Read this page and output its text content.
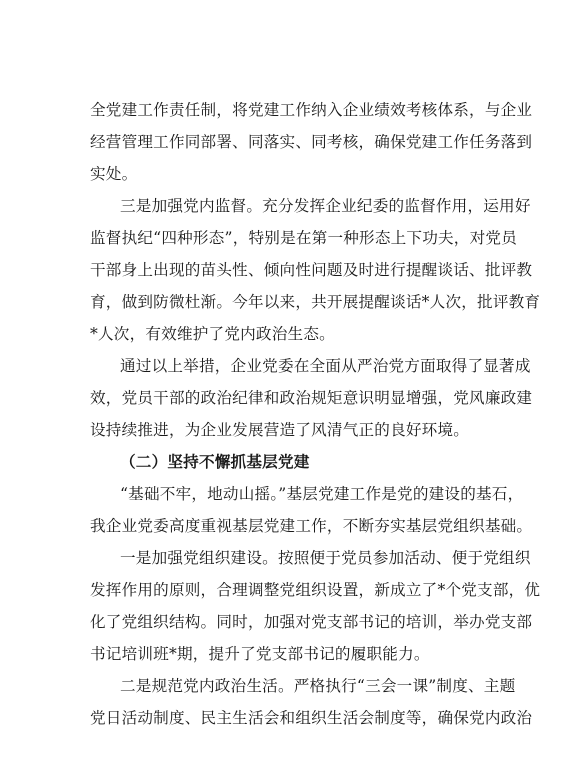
全党建工作责任制，将党建工作纳入企业绩效考核体系，与企业
经营管理工作同部署、同落实、同考核，确保党建工作任务落到
实处。
三是加强党内监督。充分发挥企业纪委的监督作用，运用好
监督执纪“四种形态”，特别是在第一种形态上下功夫，对党员
干部身上出现的苗头性、倾向性问题及时进行提醒谈话、批评教
育，做到防微杜渐。今年以来，共开展提醒谈话*人次，批评教育
*人次，有效维护了党内政治生态。
通过以上举措，企业党委在全面从严治党方面取得了显著成
效，党员干部的政治纪律和政治规矩意识明显增强，党风廉政建
设持续推进，为企业发展营造了风清气正的良好环境。
（二）坚持不懈抓基层党建
“基础不牢，地动山摇。”基层党建工作是党的建设的基石，
我企业党委高度重视基层党建工作，不断夯实基层党组织基础。
一是加强党组织建设。按照便于党员参加活动、便于党组织
发挥作用的原则，合理调整党组织设置，新成立了*个党支部，优
化了党组织结构。同时，加强对党支部书记的培训，举办党支部
书记培训班*期，提升了党支部书记的履职能力。
二是规范党内政治生活。严格执行“三会一课”制度、主题
党日活动制度、民主生活会和组织生活会制度等，确保党内政治
